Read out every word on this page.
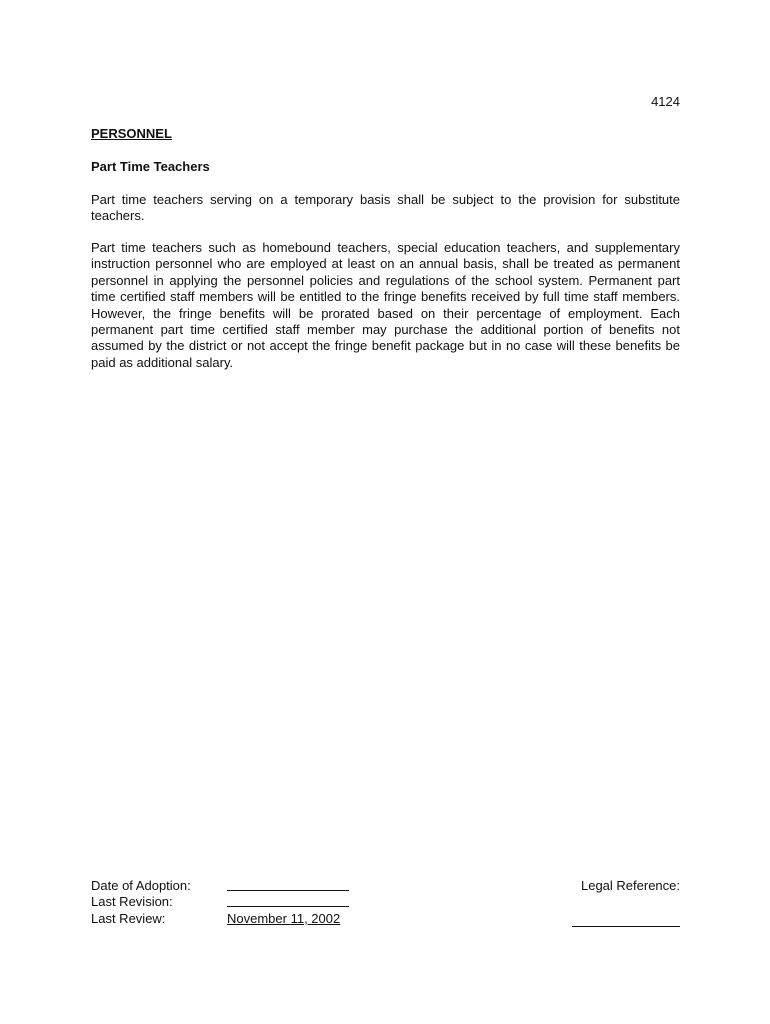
4124

PERSONNEL
Part Time Teachers

Part time teachers serving on a temporary basis shall be subject to the provision for substitute teachers.

Part time teachers such as homebound teachers, special education teachers, and supplementary instruction personnel who are employed at least on an annual basis, shall be treated as permanent personnel in applying the personnel policies and regulations of the school system. Permanent part time certified staff members will be entitled to the fringe benefits received by full time staff members. However, the fringe benefits will be prorated based on their percentage of employment. Each permanent part time certified staff member may purchase the additional portion of benefits not assumed by the district or not accept the fringe benefit package but in no case will these benefits be paid as additional salary.

Date of Adoption:
Last Revision:
Last Review:	November 11, 2002
Legal Reference:
